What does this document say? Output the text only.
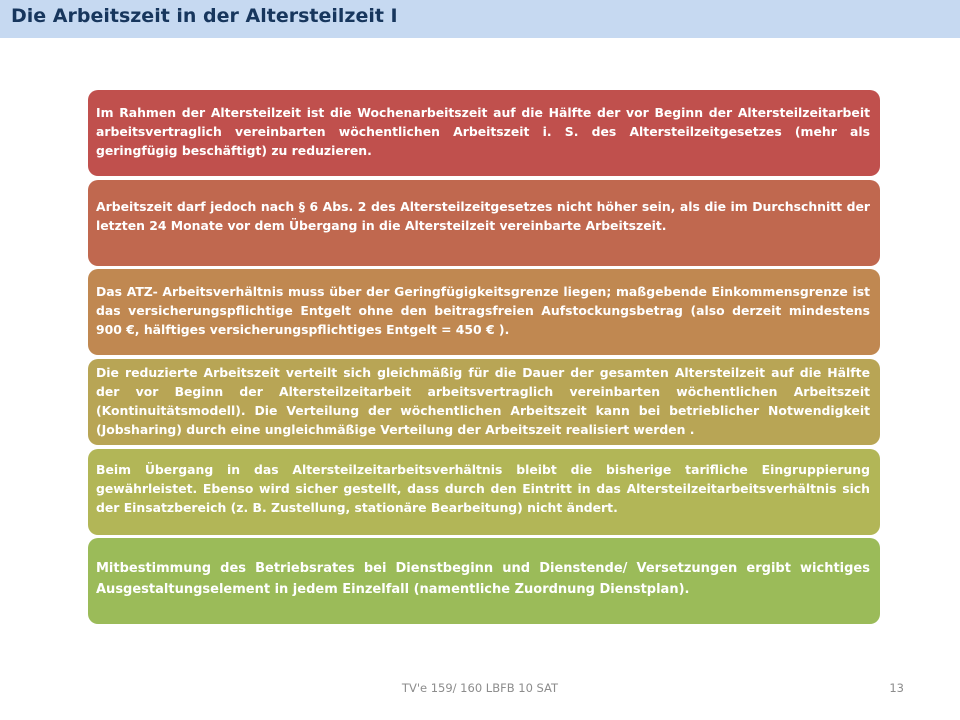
Die Arbeitszeit in der Altersteilzeit I
Im Rahmen der Altersteilzeit ist die Wochenarbeitszeit auf die Hälfte der vor Beginn der Altersteilzeitarbeit arbeitsvertraglich vereinbarten wöchentlichen Arbeitszeit i. S. des Altersteilzeitgesetzes (mehr als geringfügig beschäftigt) zu reduzieren.
Arbeitszeit darf jedoch nach § 6 Abs. 2 des Altersteilzeitgesetzes nicht höher sein, als die im Durchschnitt der letzten 24 Monate vor dem Übergang in die Altersteilzeit vereinbarte Arbeitszeit.
Das ATZ- Arbeitsverhältnis muss über der Geringfügigkeitsgrenze liegen; maßgebende Einkommensgrenze ist das versicherungspflichtige Entgelt ohne den beitragsfreien Aufstockungsbetrag (also derzeit mindestens 900 €, hälftiges versicherungspflichtiges Entgelt = 450 € ).
Die reduzierte Arbeitszeit verteilt sich gleichmäßig für die Dauer der gesamten Altersteilzeit auf die Hälfte der vor Beginn der Altersteilzeitarbeit arbeitsvertraglich vereinbarten wöchentlichen Arbeitszeit (Kontinuitätsmodell). Die Verteilung der wöchentlichen Arbeitszeit kann bei betrieblicher Notwendigkeit (Jobsharing) durch eine ungleichmäßige Verteilung der Arbeitszeit realisiert werden .
Beim Übergang in das Altersteilzeitarbeitsverhältnis bleibt die bisherige tarifliche Eingruppierung gewährleistet. Ebenso wird sicher gestellt, dass durch den Eintritt in das Altersteilzeitarbeitsverhältnis sich der Einsatzbereich (z. B. Zustellung, stationäre Bearbeitung) nicht ändert.
Mitbestimmung des Betriebsrates bei Dienstbeginn und Dienstende/ Versetzungen ergibt wichtiges Ausgestaltungselement in jedem Einzelfall (namentliche Zuordnung Dienstplan).
TV'e 159/ 160 LBFB 10 SAT	13
